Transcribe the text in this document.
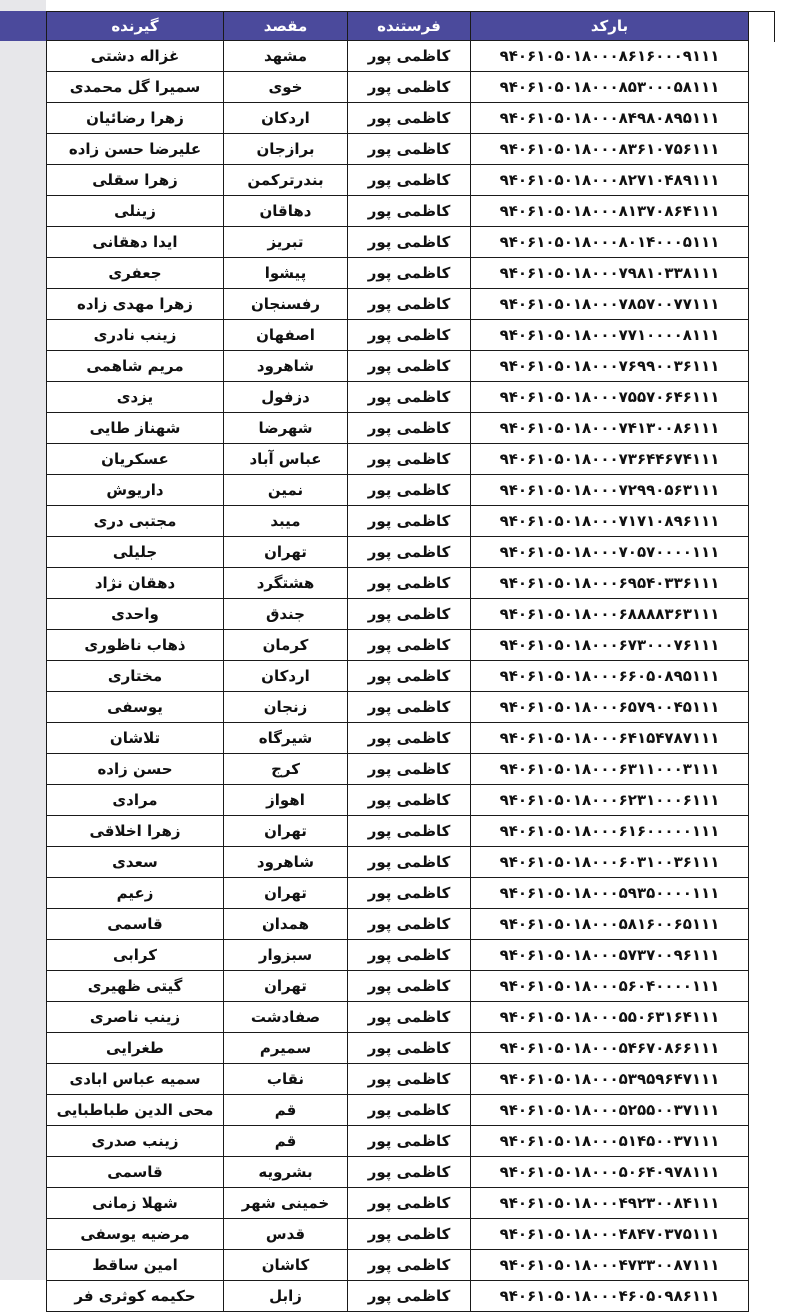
بارکد	فرستنده	مقصد	گیرنده
۹۴۰۶۱۰۵۰۱۸۰۰۰۸۶۱۶۰۰۰۹۱۱۱	کاظمی پور	مشهد	غزاله دشتی
۹۴۰۶۱۰۵۰۱۸۰۰۰۸۵۳۰۰۰۵۸۱۱۱	کاظمی پور	خوی	سمیرا گل محمدی
۹۴۰۶۱۰۵۰۱۸۰۰۰۸۴۹۸۰۸۹۵۱۱۱	کاظمی پور	اردکان	زهرا رضائیان
۹۴۰۶۱۰۵۰۱۸۰۰۰۸۳۶۱۰۷۵۶۱۱۱	کاظمی پور	برازجان	علیرضا حسن زاده
۹۴۰۶۱۰۵۰۱۸۰۰۰۸۲۷۱۰۴۸۹۱۱۱	کاظمی پور	بندرترکمن	زهرا سقلی
۹۴۰۶۱۰۵۰۱۸۰۰۰۸۱۳۷۰۸۶۴۱۱۱	کاظمی پور	دهاقان	زینلی
۹۴۰۶۱۰۵۰۱۸۰۰۰۸۰۱۴۰۰۰۵۱۱۱	کاظمی پور	تبریز	ایدا دهقانی
۹۴۰۶۱۰۵۰۱۸۰۰۰۷۹۸۱۰۳۳۸۱۱۱	کاظمی پور	پیشوا	جعفری
۹۴۰۶۱۰۵۰۱۸۰۰۰۷۸۵۷۰۰۷۷۱۱۱	کاظمی پور	رفسنجان	زهرا مهدی زاده
۹۴۰۶۱۰۵۰۱۸۰۰۰۷۷۱۰۰۰۰۸۱۱۱	کاظمی پور	اصفهان	زینب نادری
۹۴۰۶۱۰۵۰۱۸۰۰۰۷۶۹۹۰۰۳۶۱۱۱	کاظمی پور	شاهرود	مریم شاهمی
۹۴۰۶۱۰۵۰۱۸۰۰۰۷۵۵۷۰۶۴۶۱۱۱	کاظمی پور	دزفول	یزدی
۹۴۰۶۱۰۵۰۱۸۰۰۰۷۴۱۳۰۰۸۶۱۱۱	کاظمی پور	شهرضا	شهناز طایی
۹۴۰۶۱۰۵۰۱۸۰۰۰۷۳۶۴۴۶۷۴۱۱۱	کاظمی پور	عباس آباد	عسکریان
۹۴۰۶۱۰۵۰۱۸۰۰۰۷۲۹۹۰۵۶۳۱۱۱	کاظمی پور	نمین	داریوش
۹۴۰۶۱۰۵۰۱۸۰۰۰۷۱۷۱۰۸۹۶۱۱۱	کاظمی پور	میبد	مجتبی دری
۹۴۰۶۱۰۵۰۱۸۰۰۰۷۰۵۷۰۰۰۰۱۱۱	کاظمی پور	تهران	جلیلی
۹۴۰۶۱۰۵۰۱۸۰۰۰۶۹۵۴۰۳۳۶۱۱۱	کاظمی پور	هشتگرد	دهقان نژاد
۹۴۰۶۱۰۵۰۱۸۰۰۰۶۸۸۸۸۳۶۳۱۱۱	کاظمی پور	جندق	واحدی
۹۴۰۶۱۰۵۰۱۸۰۰۰۶۷۳۰۰۰۷۶۱۱۱	کاظمی پور	کرمان	ذهاب ناظوری
۹۴۰۶۱۰۵۰۱۸۰۰۰۶۶۰۵۰۸۹۵۱۱۱	کاظمی پور	اردکان	مختاری
۹۴۰۶۱۰۵۰۱۸۰۰۰۶۵۷۹۰۰۴۵۱۱۱	کاظمی پور	زنجان	یوسفی
۹۴۰۶۱۰۵۰۱۸۰۰۰۶۴۱۵۴۷۸۷۱۱۱	کاظمی پور	شیرگاه	تلاشان
۹۴۰۶۱۰۵۰۱۸۰۰۰۶۳۱۱۰۰۰۳۱۱۱	کاظمی پور	کرج	حسن زاده
۹۴۰۶۱۰۵۰۱۸۰۰۰۶۲۳۱۰۰۰۶۱۱۱	کاظمی پور	اهواز	مرادی
۹۴۰۶۱۰۵۰۱۸۰۰۰۶۱۶۰۰۰۰۰۱۱۱	کاظمی پور	تهران	زهرا اخلاقی
۹۴۰۶۱۰۵۰۱۸۰۰۰۶۰۳۱۰۰۳۶۱۱۱	کاظمی پور	شاهرود	سعدی
۹۴۰۶۱۰۵۰۱۸۰۰۰۵۹۳۵۰۰۰۰۱۱۱	کاظمی پور	تهران	زعیم
۹۴۰۶۱۰۵۰۱۸۰۰۰۵۸۱۶۰۰۶۵۱۱۱	کاظمی پور	همدان	قاسمی
۹۴۰۶۱۰۵۰۱۸۰۰۰۵۷۳۷۰۰۹۶۱۱۱	کاظمی پور	سبزوار	کرابی
۹۴۰۶۱۰۵۰۱۸۰۰۰۵۶۰۴۰۰۰۰۱۱۱	کاظمی پور	تهران	گیتی ظهیری
۹۴۰۶۱۰۵۰۱۸۰۰۰۵۵۰۶۳۱۶۴۱۱۱	کاظمی پور	صفادشت	زینب ناصری
۹۴۰۶۱۰۵۰۱۸۰۰۰۵۴۶۷۰۸۶۶۱۱۱	کاظمی پور	سمیرم	طغرایی
۹۴۰۶۱۰۵۰۱۸۰۰۰۵۳۹۵۹۶۴۷۱۱۱	کاظمی پور	نقاب	سمیه عباس ابادی
۹۴۰۶۱۰۵۰۱۸۰۰۰۵۲۵۵۰۰۳۷۱۱۱	کاظمی پور	قم	محی الدین طباطبایی
۹۴۰۶۱۰۵۰۱۸۰۰۰۵۱۴۵۰۰۳۷۱۱۱	کاظمی پور	قم	زینب صدری
۹۴۰۶۱۰۵۰۱۸۰۰۰۵۰۶۴۰۹۷۸۱۱۱	کاظمی پور	بشرویه	قاسمی
۹۴۰۶۱۰۵۰۱۸۰۰۰۴۹۲۳۰۰۸۴۱۱۱	کاظمی پور	خمینی شهر	شهلا زمانی
۹۴۰۶۱۰۵۰۱۸۰۰۰۴۸۴۷۰۳۷۵۱۱۱	کاظمی پور	قدس	مرضیه یوسفی
۹۴۰۶۱۰۵۰۱۸۰۰۰۴۷۳۳۰۰۸۷۱۱۱	کاظمی پور	کاشان	امین ساقط
۹۴۰۶۱۰۵۰۱۸۰۰۰۴۶۰۵۰۹۸۶۱۱۱	کاظمی پور	زابل	حکیمه کوثری فر
